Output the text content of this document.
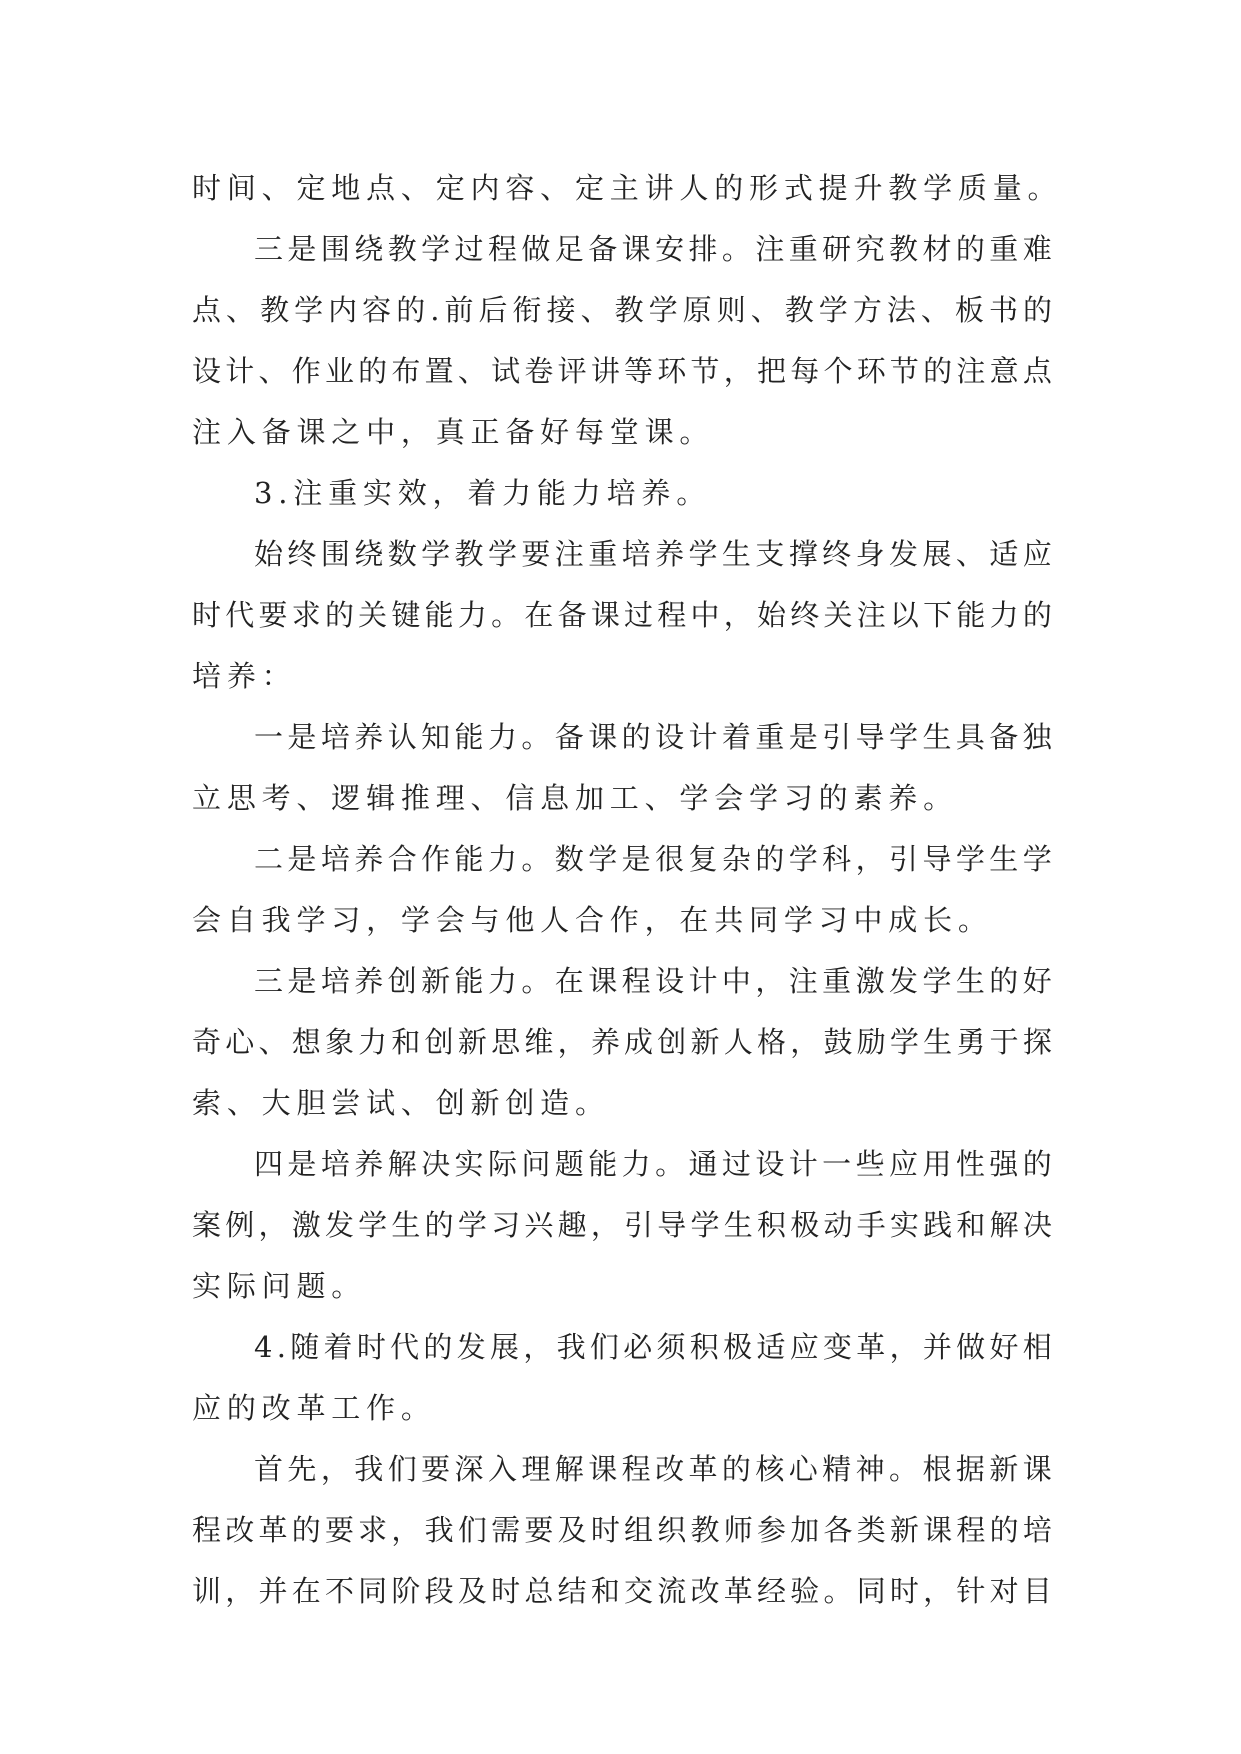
时 间 、 定 地 点 、 定 内 容 、 定 主 讲 人 的 形 式 提 升 教 学 质 量 。
三 是 围 绕 教 学 过 程 做 足 备 课 安 排 。 注 重 研 究 教 材 的 重 难
点 、 教 学 内 容 的 . 前 后 衔 接 、 教 学 原 则 、 教 学 方 法 、 板 书 的
设 计 、 作 业 的 布 置 、 试 卷 评 讲 等 环 节 ， 把 每 个 环 节 的 注 意 点
注 入 备 课 之 中 ， 真 正 备 好 每 堂 课 。
3 . 注 重 实 效 ， 着 力 能 力 培 养 。
始 终 围 绕 数 学 教 学 要 注 重 培 养 学 生 支 撑 终 身 发 展 、 适 应
时 代 要 求 的 关 键 能 力 。 在 备 课 过 程 中 ， 始 终 关 注 以 下 能 力 的
培 养 ：
一 是 培 养 认 知 能 力 。 备 课 的 设 计 着 重 是 引 导 学 生 具 备 独
立 思 考 、 逻 辑 推 理 、 信 息 加 工 、 学 会 学 习 的 素 养 。
二 是 培 养 合 作 能 力 。 数 学 是 很 复 杂 的 学 科 ， 引 导 学 生 学
会 自 我 学 习 ， 学 会 与 他 人 合 作 ， 在 共 同 学 习 中 成 长 。
三 是 培 养 创 新 能 力 。 在 课 程 设 计 中 ， 注 重 激 发 学 生 的 好
奇 心 、 想 象 力 和 创 新 思 维 ， 养 成 创 新 人 格 ， 鼓 励 学 生 勇 于 探
索 、 大 胆 尝 试 、 创 新 创 造 。
四 是 培 养 解 决 实 际 问 题 能 力 。 通 过 设 计 一 些 应 用 性 强 的
案 例 ， 激 发 学 生 的 学 习 兴 趣 ， 引 导 学 生 积 极 动 手 实 践 和 解 决
实 际 问 题 。
4 . 随 着 时 代 的 发 展 ， 我 们 必 须 积 极 适 应 变 革 ， 并 做 好 相
应 的 改 革 工 作 。
首 先 ， 我 们 要 深 入 理 解 课 程 改 革 的 核 心 精 神 。 根 据 新 课
程 改 革 的 要 求 ， 我 们 需 要 及 时 组 织 教 师 参 加 各 类 新 课 程 的 培
训 ， 并 在 不 同 阶 段 及 时 总 结 和 交 流 改 革 经 验 。 同 时 ， 针 对 目
